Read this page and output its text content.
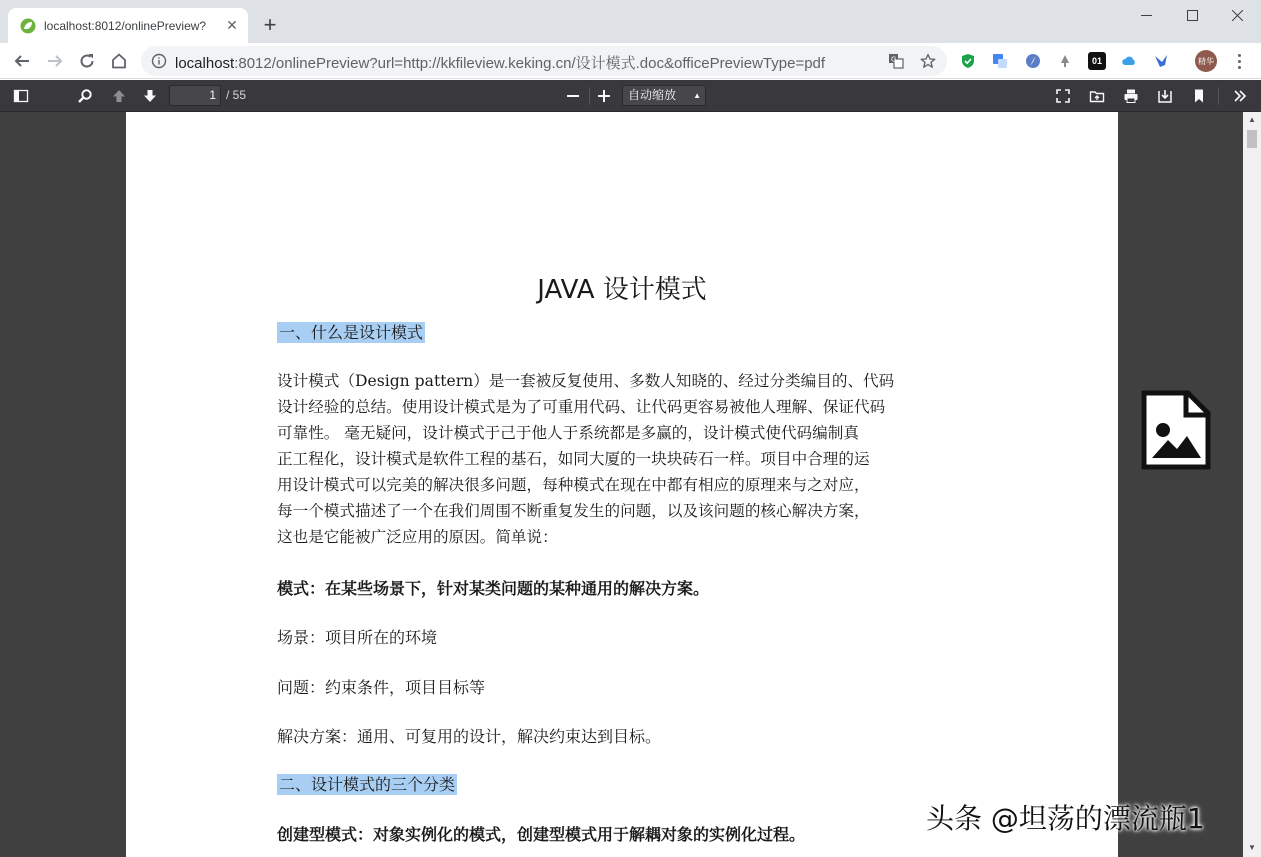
localhost:8012/onlinePreview?	✕ +
localhost:8012/onlinePreview?url=http://kkfileview.keking.cn/设计模式.doc&officePreviewType=pdf	G	01	精华
1 / 55	自动缩放 ▲

JAVA 设计模式
一、什么是设计模式
设计模式（Design pattern）是一套被反复使用、多数人知晓的、经过分类编目的、代码
设计经验的总结。使用设计模式是为了可重用代码、让代码更容易被他人理解、保证代码
可靠性。 毫无疑问，设计模式于己于他人于系统都是多赢的，设计模式使代码编制真
正工程化，设计模式是软件工程的基石，如同大厦的一块块砖石一样。项目中合理的运
用设计模式可以完美的解决很多问题，每种模式在现在中都有相应的原理来与之对应，
每一个模式描述了一个在我们周围不断重复发生的问题，以及该问题的核心解决方案，
这也是它能被广泛应用的原因。简单说：
模式：在某些场景下，针对某类问题的某种通用的解决方案。
场景：项目所在的环境
问题：约束条件，项目目标等
解决方案：通用、可复用的设计，解决约束达到目标。
二、设计模式的三个分类
创建型模式：对象实例化的模式，创建型模式用于解耦对象的实例化过程。
▲
▼
头条 @坦荡的漂流瓶1
